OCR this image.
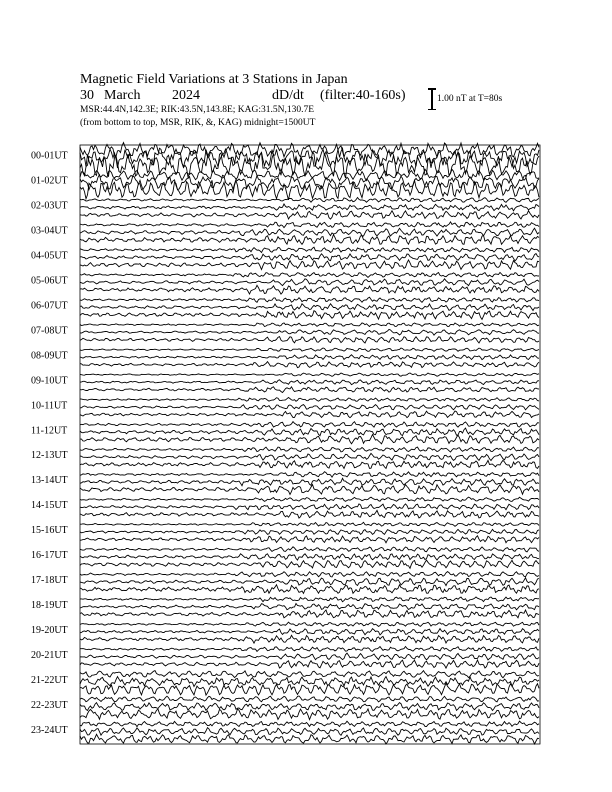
Magnetic Field Variations at 3 Stations in Japan
30 March 2024	dD/dt (filter:40-160s)
MSR:44.4N,142.3E; RIK:43.5N,143.8E; KAG:31.5N,130.7E
(from bottom to top, MSR, RIK, &, KAG) midnight=1500UT
1.00 nT at T=80s
00-01UT
01-02UT
02-03UT
03-04UT
04-05UT
05-06UT
06-07UT
07-08UT
08-09UT
09-10UT
10-11UT
11-12UT
12-13UT
13-14UT
14-15UT
15-16UT
16-17UT
17-18UT
18-19UT
19-20UT
20-21UT
21-22UT
22-23UT
23-24UT
